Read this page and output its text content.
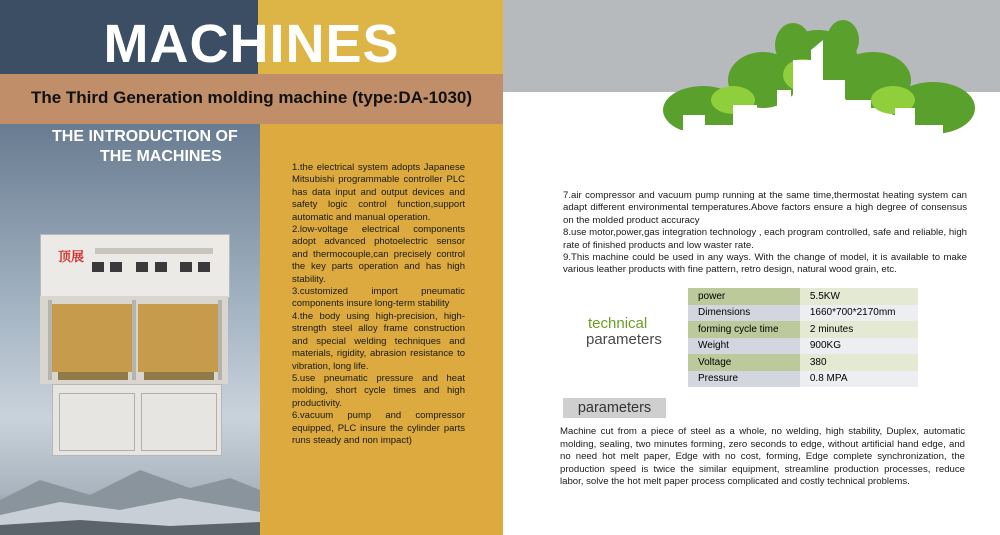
MACHINES
The Third Generation molding machine (type:DA-1030)
THE INTRODUCTION OF
THE MACHINES
顶展

1.the electrical system adopts Japanese Mitsubishi programmable controller PLC has data input and output devices and safety logic control function,support automatic and manual operation.

2.low-voltage electrical components adopt advanced photoelectric sensor and thermocouple,can precisely control the key parts operation and has high stability.

3.customized import pneumatic components insure long-term stability

4.the body using high-precision, high-strength steel alloy frame construction and special welding techniques and materials, rigidity, abrasion resistance to vibration, long life.

5.use pneumatic pressure and heat molding, short cycle times and high productivity.

6.vacuum pump and compressor equipped, PLC insure the cylinder parts runs steady and non impact)

7.air compressor and vacuum pump running at the same time,thermostat heating system can adapt different environmental temperatures.Above factors ensure a high degree of consensus on the molded product accuracy

8.use motor,power,gas integration technology , each program controlled, safe and reliable, high rate of finished products and low waster rate.

9.This machine could be used in any ways. With the change of model, it is available to make various leather products with fine pattern, retro design, natural wood grain, etc.

technical
parameters
power	5.5KW
Dimensions	1660*700*2170mm
forming cycle time	2 minutes
Weight	900KG
Voltage	380
Pressure	0.8 MPA
parameters
Machine cut from a piece of steel as a whole, no welding, high stability, Duplex, automatic molding, sealing, two minutes forming, zero seconds to edge, without artificial hand edge, and no need hot melt paper, Edge with no cost, forming, Edge complete synchronization, the production speed is twice the similar equipment, streamline production processes, reduce labor, solve the hot melt paper process complicated and costly technical problems.
